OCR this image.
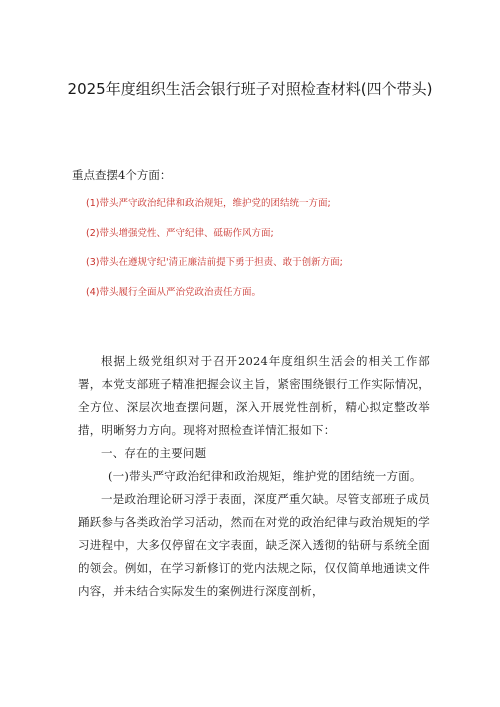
2025年度组织生活会银行班子对照检查材料(四个带头)
重点查摆4个方面：
(1)带头严守政治纪律和政治规矩，维护党的团结统一方面;
(2)带头增强党性、严守纪律、砥砺作风方面;
(3)带头在遵规守纪'清正廉洁前提下勇于担责、敢于创新方面;
(4)带头履行全面从严治党政治责任方面。

根据上级党组织对于召开2024年度组织生活会的相关工作部署，本党支部班子精准把握会议主旨，紧密围绕银行工作实际情况，全方位、深层次地查摆问题，深入开展党性剖析，精心拟定整改举措，明晰努力方向。现将对照检查详情汇报如下：

一、存在的主要问题

(一)带头严守政治纪律和政治规矩，维护党的团结统一方面。

一是政治理论研习浮于表面，深度严重欠缺。尽管支部班子成员踊跃参与各类政治学习活动，然而在对党的政治纪律与政治规矩的学习进程中，大多仅停留在文字表面，缺乏深入透彻的钻研与系统全面的领会。例如，在学习新修订的党内法规之际，仅仅简单地通读文件内容，并未结合实际发生的案例进行深度剖析，
